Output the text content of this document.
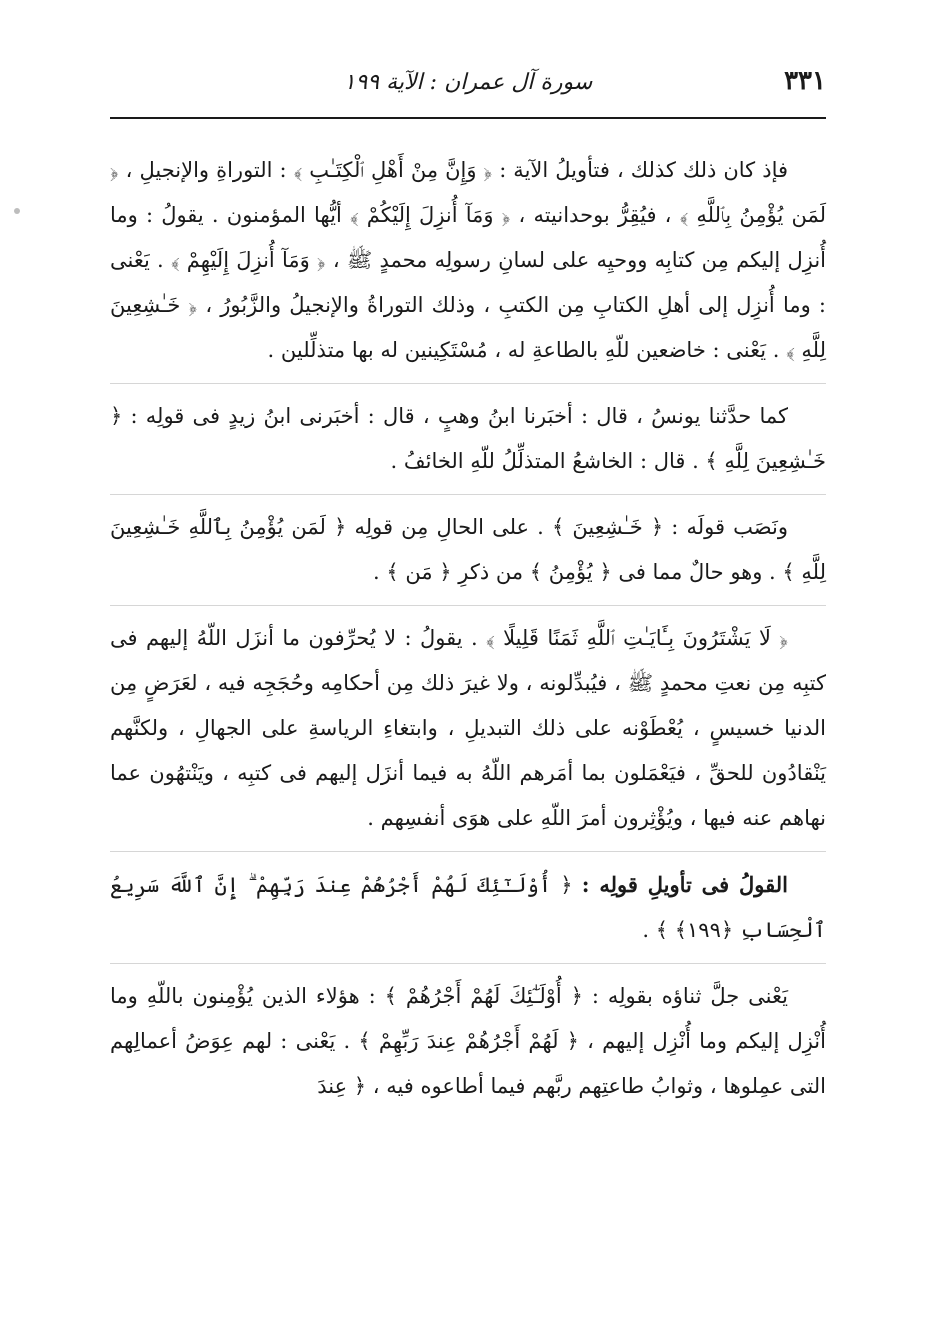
٣٣١
سورة آل عمران : الآية ١٩٩

فإذ كان ذلك كذلك ، فتأويلُ الآية : ﴿ وَإِنَّ مِنْ أَهْلِ ٱلْكِتَـٰبِ ﴾ : التوراةِ والإنجيلِ ، ﴿ لَمَن يُؤْمِنُ بِٱللَّهِ ﴾ ، فيُقِرُّ بوحدانيته ، ﴿ وَمَآ أُنزِلَ إِلَيْكُمْ ﴾ أيُّها المؤمنون . يقولُ : وما أُنزِل إليكم مِن كتابِه ووحيِه على لسانِ رسولِه محمدٍ ﷺ ، ﴿ وَمَآ أُنزِلَ إِلَيْهِمْ ﴾ . يَعْنى : وما أُنزِل إلى أهلِ الكتابِ مِن الكتبِ ، وذلك التوراةُ والإنجيلُ والزَّبُورُ ، ﴿ خَـٰشِعِينَ لِلَّهِ ﴾ . يَعْنى : خاضعين للّهِ بالطاعةِ له ، مُسْتَكِينين له بها متذلِّلين .

كما حدَّثنا يونسُ ، قال : أخبَرنا ابنُ وهبٍ ، قال : أخبَرنى ابنُ زيدٍ فى قولِه : ﴿ خَـٰشِعِينَ لِلَّهِ ﴾ . قال : الخاشعُ المتذلِّلُ للّهِ الخائفُ .

ونَصَب قولَه : ﴿ خَـٰشِعِينَ ﴾ . على الحالِ مِن قولِه ﴿ لَمَن يُؤْمِنُ بِٱللَّهِ خَـٰشِعِينَ لِلَّهِ ﴾ . وهو حالٌ مما فى ﴿ يُؤْمِنُ ﴾ من ذكرِ ﴿ مَن ﴾ .

﴿ لَا يَشْتَرُونَ بِـَٔايَـٰتِ ٱللَّهِ ثَمَنًا قَلِيلًا ﴾ . يقولُ : لا يُحرِّفون ما أنزَل اللّهُ إليهم فى كتبِه مِن نعتِ محمدٍ ﷺ ، فيُبدِّلونه ، ولا غيرَ ذلك مِن أحكامِه وحُجَجِه فيه ، لعَرَضٍ مِن الدنيا خسيسٍ ، يُعْطَوْنه على ذلك التبديلِ ، وابتغاءِ الرياسةِ على الجهالِ ، ولكنَّهم يَنْقادُون للحقِّ ، فيَعْمَلون بما أمَرهم اللّهُ به فيما أنزَل إليهم فى كتبِه ، ويَنْتهُون عما نهاهم عنه فيها ، ويُؤْثِرون أمرَ اللّهِ على هوَى أنفسِهم .

القولُ فى تأويلِ قولِه : ﴿ أُوْلَـٰٓئِكَ لَهُمْ أَجْرُهُمْ عِندَ رَبِّهِمْ ۗ إِنَّ ٱللَّهَ سَرِيعُ ٱلْحِسَابِ ﴿١٩٩﴾ ﴾ .

يَعْنى جلَّ ثناؤه بقولِه : ﴿ أُوْلَـٰٓئِكَ لَهُمْ أَجْرُهُمْ ﴾ : هؤلاء الذين يُؤْمِنون باللّهِ وما أُنْزِل إليكم وما أُنْزِل إليهم ، ﴿ لَهُمْ أَجْرُهُمْ عِندَ رَبِّهِمْ ﴾ . يَعْنى : لهم عِوَضُ أعمالِهم التى عمِلوها ، وثوابُ طاعتِهم ربَّهم فيما أطاعوه فيه ، ﴿ عِندَ
